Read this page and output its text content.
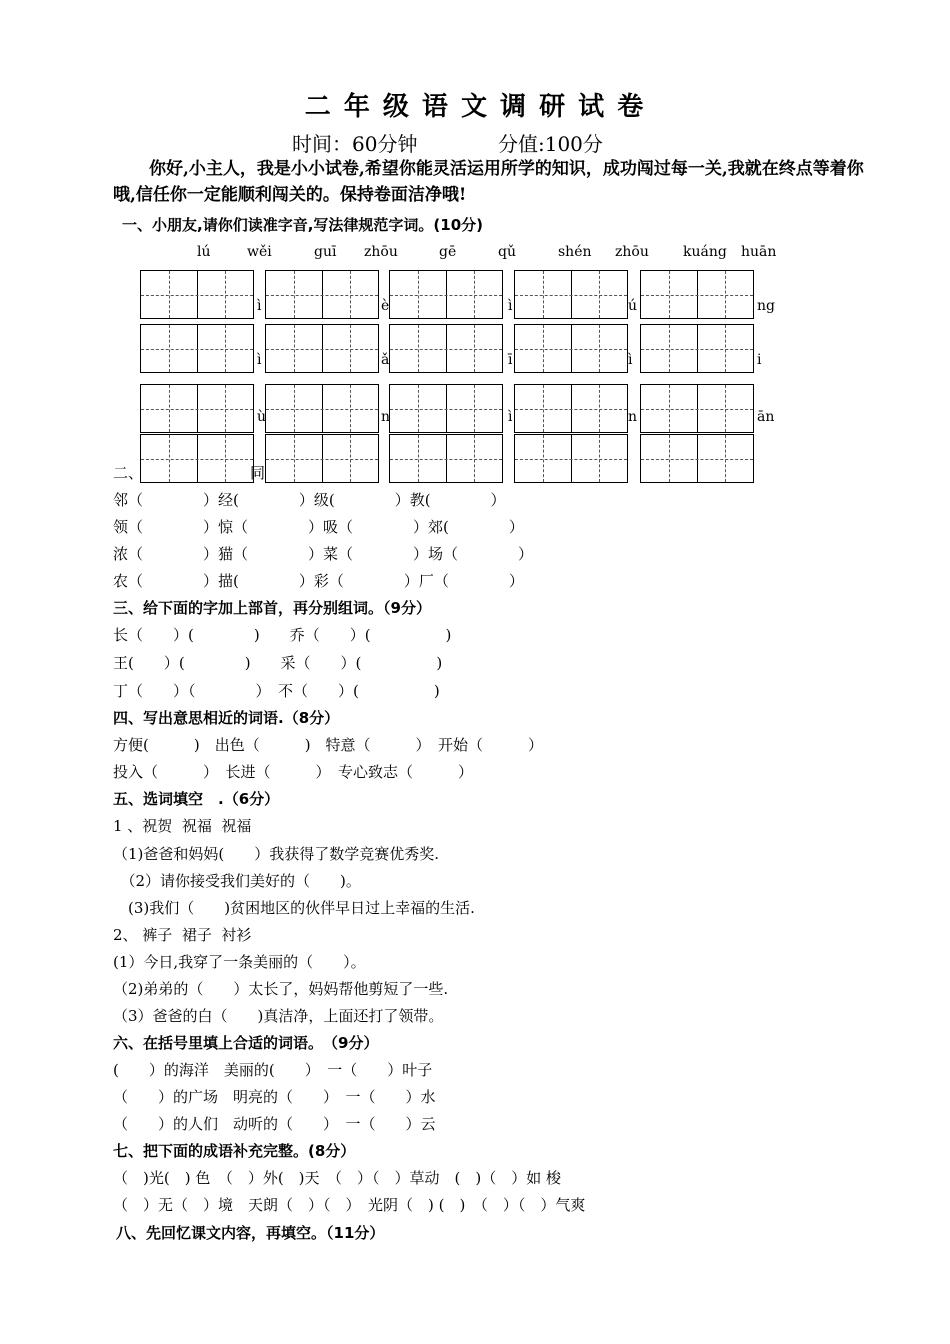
二 年 级 语 文 调 研 试 卷
时间：60分钟	分值:100分
你好,小主人，我是小小试卷,希望你能灵活运用所学的知识，成功闯过每一关,我就在终点等着你哦,信任你一定能顺利闯关的。保持卷面洁净哦!
一、小朋友,请你们读准字音,写法律规范字词。(10分)
lú	wěi	guī zhōu	gē	qǔ	shén zhōu kuáng huān
ì	è	ì	ú	ng
ì	ǎ	ī	ì	i
ù	n	ì	n	ān
二、	同
邻（　　　　）经(　　　　）级(　　　　）教(　　　　）
领（　　　　）惊（　　　　）吸（　　　　）郊(　　　　）
浓（　　　　）猫（　　　　）菜（　　　　）场（　　　　）
农（　　　　）描(　　　　）彩（　　　　）厂（　　　　）
三、给下面的字加上部首，再分别组词。（9分）
长（　　）(　　　　)　　乔（　　）(　　　　　)
王(　　）(　　　　)　　采（　　）(　　　　　)
丁（　　）（　　　　）　不（　　）(　　　　　)
四、写出意思相近的词语.（8分）
方便(　　　)　出色（　　　)　特意（　　　）　开始（　　　）
投入（　　　）　长进（　　　）　专心致志（　　　）
五、选词填空　.（6分）
1 、祝贺  祝福  祝福
（1)爸爸和妈妈(　　）我获得了数学竞赛优秀奖.
　（2）请你接受我们美好的（　　)。
　(3)我们（　　)贫困地区的伙伴早日过上幸福的生活.
2、 裤子  裙子  衬衫
(1）今日,我穿了一条美丽的（　　）。
（2)弟弟的（　　）太长了，妈妈帮他剪短了一些.
（3）爸爸的白（　　)真洁净，上面还打了领带。
六、在括号里填上合适的词语。　（9分）
(　　）的海洋　美丽的(　　）　一（　　）叶子
（　　）的广场　明亮的（　　）　一（　　）水
（　　）的人们　动听的（　　）　一（　　）云
七、把下面的成语补充完整。(8分）
（　)光(　) 色　（　）外(　)天　（　）（　）草动　(　)（　）如 梭
（　）无（　）境　天朗（　）（　）　光阴（　) (　)　（　）（　）气爽
八、先回忆课文内容，再填空。（11分）
